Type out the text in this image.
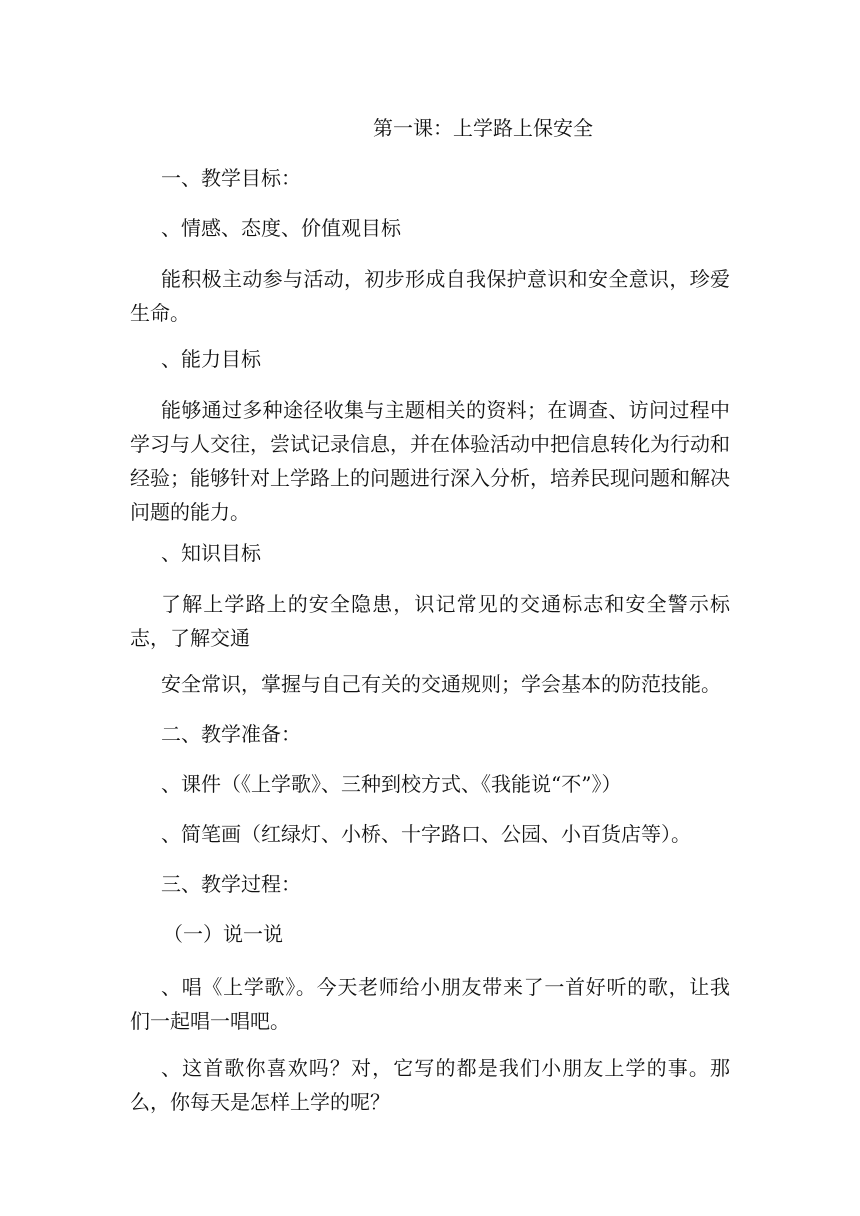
第一课：上学路上保安全

一、教学目标：

、情感、态度、价值观目标

能积极主动参与活动，初步形成自我保护意识和安全意识，珍爱生命。

、能力目标

能够通过多种途径收集与主题相关的资料；在调查、访问过程中学习与人交往，尝试记录信息，并在体验活动中把信息转化为行动和经验；能够针对上学路上的问题进行深入分析，培养民现问题和解决问题的能力。

、知识目标

了解上学路上的安全隐患，识记常见的交通标志和安全警示标志，了解交通

安全常识，掌握与自己有关的交通规则；学会基本的防范技能。

二、教学准备：

、课件（《上学歌》、三种到校方式、《我能说“不”》）

、简笔画（红绿灯、小桥、十字路口、公园、小百货店等）。

三、教学过程：

（一）说一说

、唱《上学歌》。今天老师给小朋友带来了一首好听的歌，让我们一起唱一唱吧。

、这首歌你喜欢吗？对，它写的都是我们小朋友上学的事。那么，你每天是怎样上学的呢？
